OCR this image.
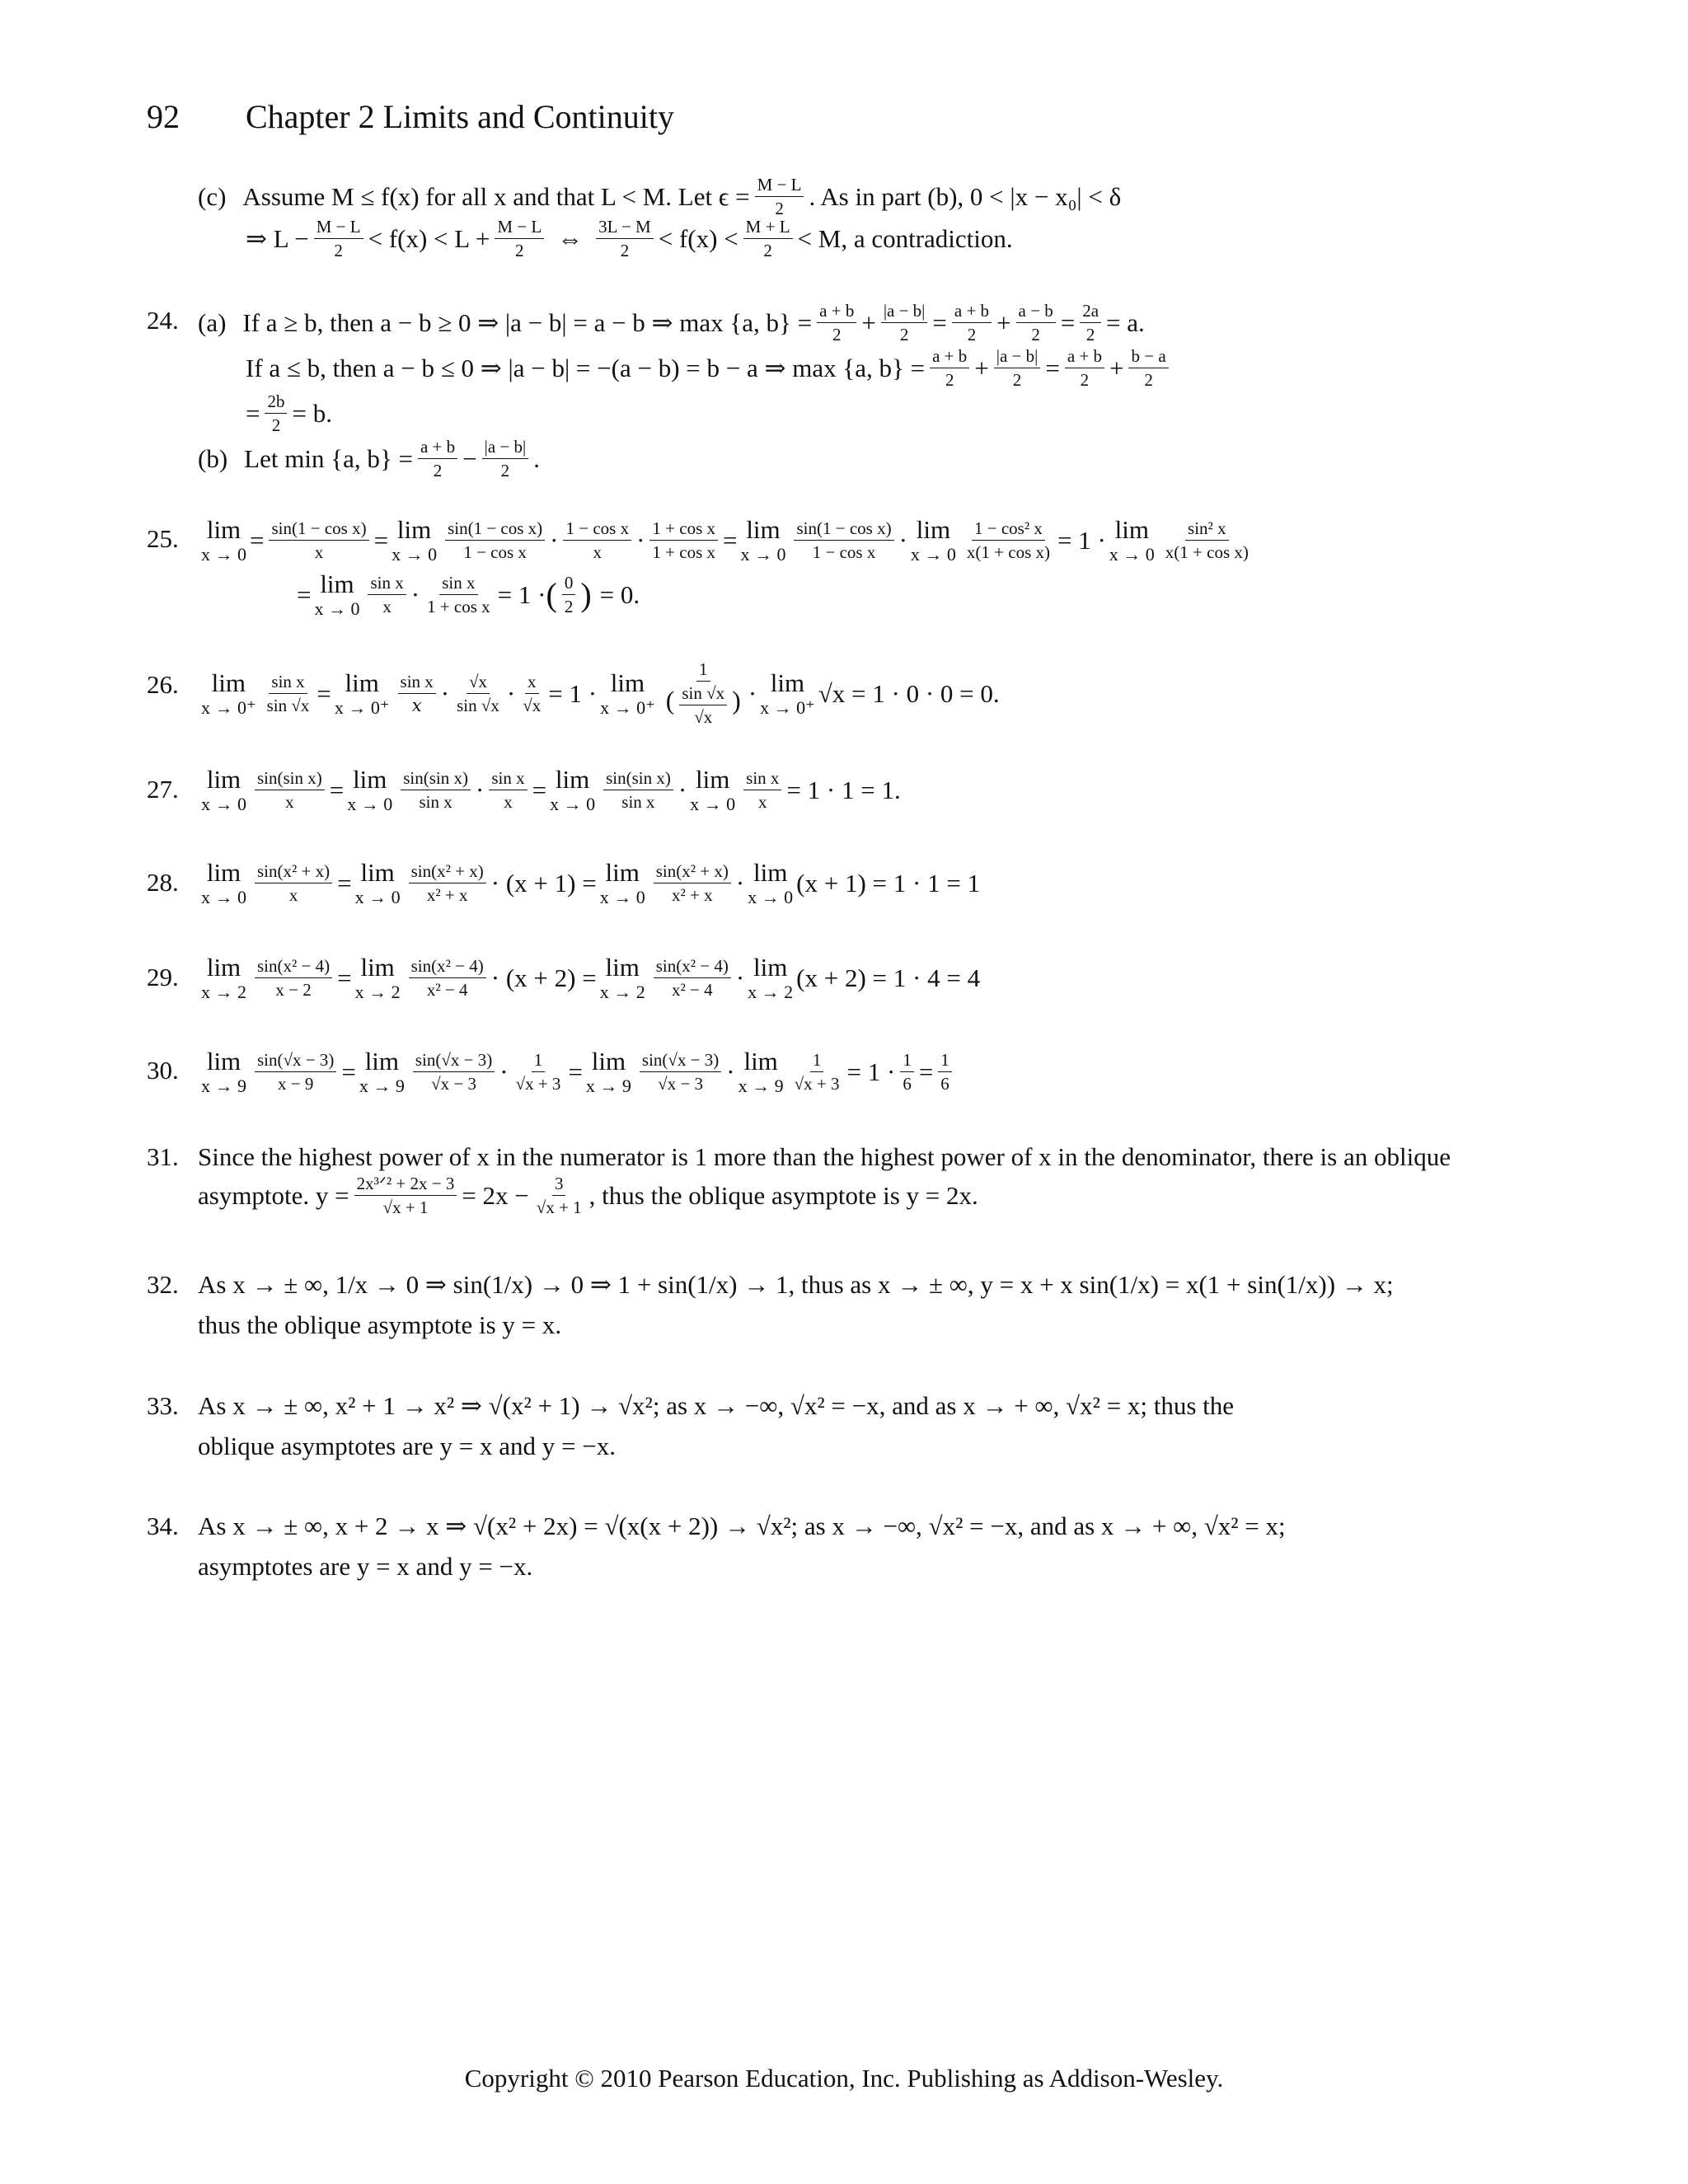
92	Chapter 2 Limits and Continuity
(c) Assume M ≤ f(x) for all x and that L < M. Let $\epsilon = \frac{M - L}{2}$ . As in part (b), 0 < |x − x₀| < δ
⇒ $L - \frac{M - L}{2} < f(x) < L + \frac{M - L}{2}$ ⇔ 3L − M
2 < f(x) < M + L
2 < M, a contradiction.
24. (a) If a ≥ b, then a − b ≥ 0 ⇒ |a − b| = a − b ⇒ max {a, $b\} = \frac{a + b}{2} + \frac{|a - b|}{2} = \frac{a + b}{2} + \frac{a - b}{2} = \frac{2a}{2} = a$.
If a ≤ b, then a − b ≤ 0 ⇒ |a − b| = −(a − b) = b − a ⇒ max {a, $b\} = \frac{a + b}{2} + \frac{|a - b|}{2} = \frac{a + b}{2} + \frac{b - a}{2}$
= $\frac{2b}{2} = b$.
(b) Let min {a, $b\} = \frac{a + b}{2} - \frac{|a - b|}{2}$ .
25. lim
$x \to 0 = \frac{\text{sin(1 − cos x)}}{x} = \lim$
x → 0
sin(1 − cos x)
1 − cos x · 1 − cos x
$x \cdot \frac{\text{1 + cos x}}{\text{1 + cos x}} = \lim$
x → 0
sin(1 − cos x)
1 − cos x · lim
$x \to 0 \frac{\text{1 − cos² x}}{\text{x(1 + cos x)}} = 1 \cdot \lim$
x → 0
sin² x
x(1 + cos x)
= lim
x → 0
sin x
$x \cdot \frac{\text{sin x}}{\text{1 + cos x}} = 1$ · ( 0
2 ) = 0.
26. lim
$x \to 0^+ \frac{\text{sin x}}{\sin √x} = \lim$
x → 0⁺
sin x
𝑥 · √x
$\sin √x \cdot \frac{x}{√x} = 1 \cdot \lim$
x → 0⁺
1
( $\frac{\sin √x}{√x}$ ) · lim
x → 0⁺ √x = 1 · 0 · 0 = 0.
27. lim
$x \to 0 \frac{\text{sin(sin x)}}{x} = \lim$
x → 0
sin(sin x)
$\sin x \cdot \frac{\text{sin x}}{x} = \lim$
x → 0
sin(sin x)
sin x · lim
$x \to 0 \frac{\text{sin x}}{x} = 1 \cdot 1 = 1$.
28. lim
$x \to 0 \frac{\text{sin(x² + x)}}{x} = \lim$
x → 0
sin(x² + x)
x² + x · (x + 1) = lim
x → 0
sin(x² + x)
x² + x · lim
x → 0 (x + 1) = 1 · 1 = 1
29. lim
$x \to 2 \frac{\text{sin(x² − 4)}}{x - 2} = \lim$
x → 2
sin(x² − 4)
x² − 4 · (x + 2) = lim
x → 2
sin(x² − 4)
x² − 4 · lim
x → 2 (x + 2) = 1 · 4 = 4
30. lim
$x \to 9 \frac{\sin(√x - 3)}{x - 9} = \lim$
x → 9
sin(√x − 3)
$√x - 3 \cdot \frac{1}{√x + 3} = \lim$
x → 9
sin(√x − 3)
√x − 3 · lim
$x \to 9 \frac{1}{√x + 3} = 1 \cdot \frac{1}{6} = \frac{1}{6}$
31. Since the highest power of x in the numerator is 1 more than the highest power of x in the denominator, there is an oblique
asymptote. y = 2x³ᐟ² + 2x − 3
$√x + 1 = 2x - \frac{3}{√x + 1}$ , thus the oblique asymptote is y = 2x.
32. As x → ± ∞, 1/x → 0 ⇒ sin(1/x) → 0 ⇒ 1 + sin(1/x) → 1, thus as x → ± ∞, y = x + x sin(1/x) = x(1 + sin(1/x)) → x;
thus the oblique asymptote is y = x.
33. As x → ± ∞, x² + 1 → x² ⇒ √(x² + 1) → √x²; as x → −∞, √x² = −x, and as x → + ∞, √x² = x; thus the
oblique asymptotes are y = x and y = −x.
34. As x → ± ∞, x + 2 → x ⇒ √(x² + 2x) = √(x(x + 2)) → √x²; as x → −∞, √x² = −x, and as x → + ∞, √x² = x;
asymptotes are y = x and y = −x.
Copyright © 2010 Pearson Education, Inc. Publishing as Addison-Wesley.
